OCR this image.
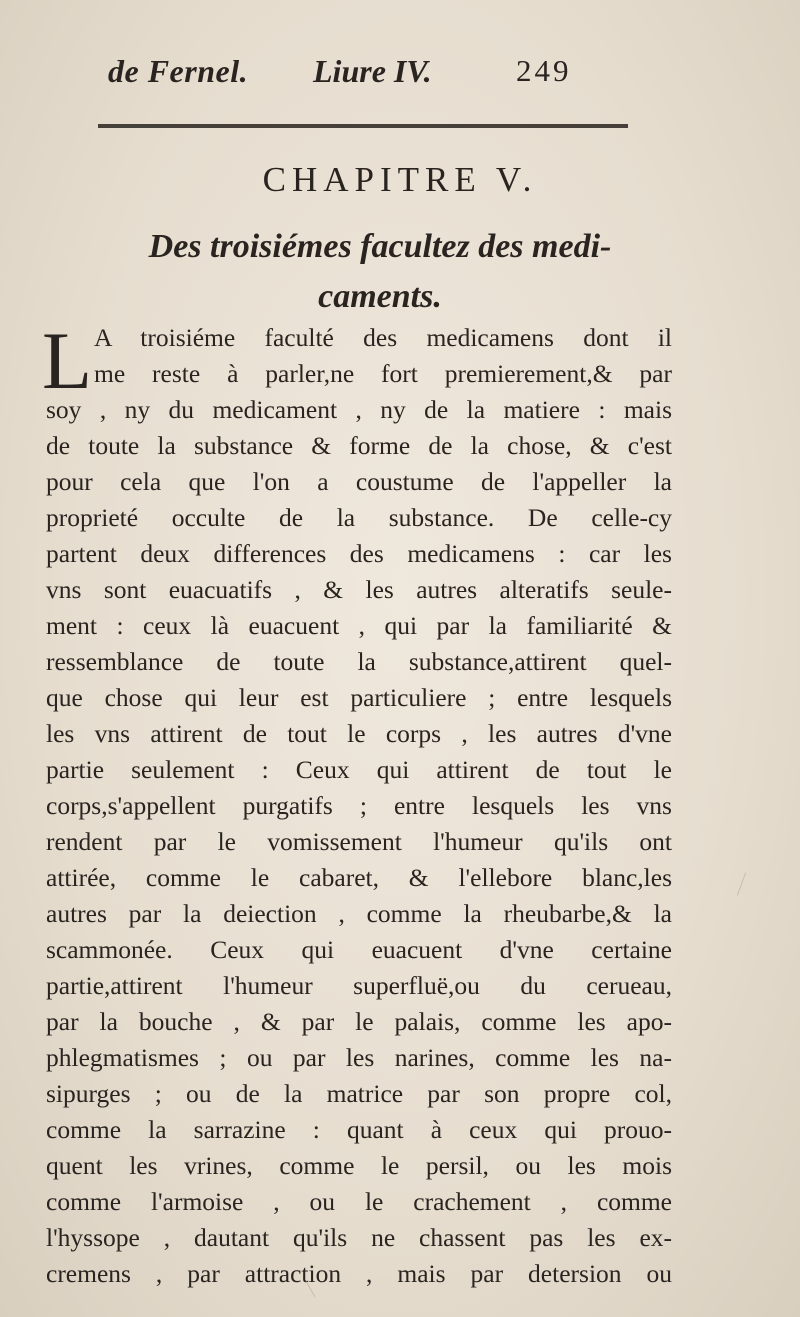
de Fernel. Liure IV.	249
CHAPITRE V.
Des troisiémes facultez des medi-
caments.
L A troisiéme faculté des medicamens dont il
me reste à parler,ne fort premierement,& par
soy , ny du medicament , ny de la matiere : mais
de toute la substance & forme de la chose, & c'est
pour cela que l'on a coustume de l'appeller la
proprieté occulte de la substance. De celle-cy
partent deux differences des medicamens : car les
vns sont euacuatifs , & les autres alteratifs seule-
ment : ceux là euacuent , qui par la familiarité &
ressemblance de toute la substance,attirent quel-
que chose qui leur est particuliere ; entre lesquels
les vns attirent de tout le corps , les autres d'vne
partie seulement : Ceux qui attirent de tout le
corps,s'appellent purgatifs ; entre lesquels les vns
rendent par le vomissement l'humeur qu'ils ont
attirée, comme le cabaret, & l'ellebore blanc,les
autres par la deiection , comme la rheubarbe,& la
scammonée. Ceux qui euacuent d'vne certaine
partie,attirent l'humeur superfluë,ou du cerueau,
par la bouche , & par le palais, comme les apo-
phlegmatismes ; ou par les narines, comme les na-
sipurges ; ou de la matrice par son propre col,
comme la sarrazine : quant à ceux qui prouo-
quent les vrines, comme le persil, ou les mois
comme l'armoise , ou le crachement , comme
l'hyssope , dautant qu'ils ne chassent pas les ex-
cremens , par attraction , mais par detersion ou
